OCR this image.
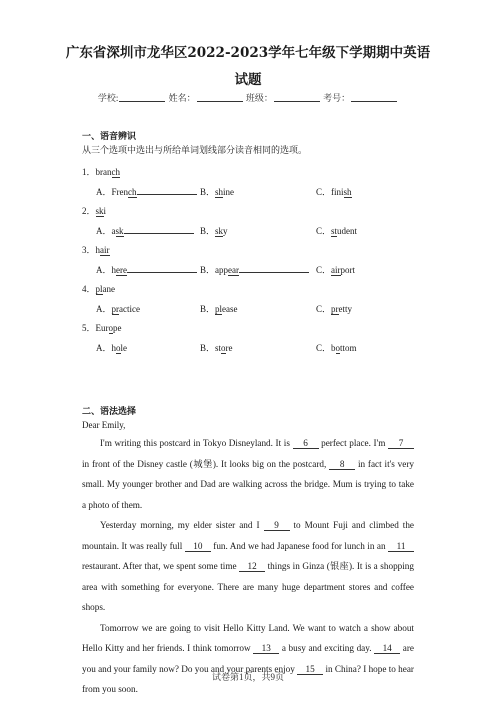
广东省深圳市龙华区2022-2023学年七年级下学期期中英语
试题
学校:	姓名：	班级：	考号：
一、语音辨识
从三个选项中选出与所给单词划线部分读音相同的选项。
1．branch
A．French	B．shine	C．finish
2．ski
A．ask	B．sky	C．student
3．hair
A．here	B．appear	C．airport
4．plane
A．practice	B．please	C．pretty
5．Europe
A．hole	B．store	C．bottom
二、语法选择
Dear Emily,

I'm writing this postcard in Tokyo Disneyland. It is 6 perfect place. I'm 7 in front of the Disney castle (城堡). It looks big on the postcard, 8 in fact it's very small. My younger brother and Dad are walking across the bridge. Mum is trying to take a photo of them.

Yesterday morning, my elder sister and I 9 to Mount Fuji and climbed the mountain. It was really full 10 fun. And we had Japanese food for lunch in an 11 restaurant. After that, we spent some time 12 things in Ginza (银座). It is a shopping area with something for everyone. There are many huge department stores and coffee shops.

Tomorrow we are going to visit Hello Kitty Land. We want to watch a show about Hello Kitty and her friends. I think tomorrow 13 a busy and exciting day. 14 are you and your family now? Do you and your parents enjoy 15 in China? I hope to hear from you soon.

试卷第1页，共9页
